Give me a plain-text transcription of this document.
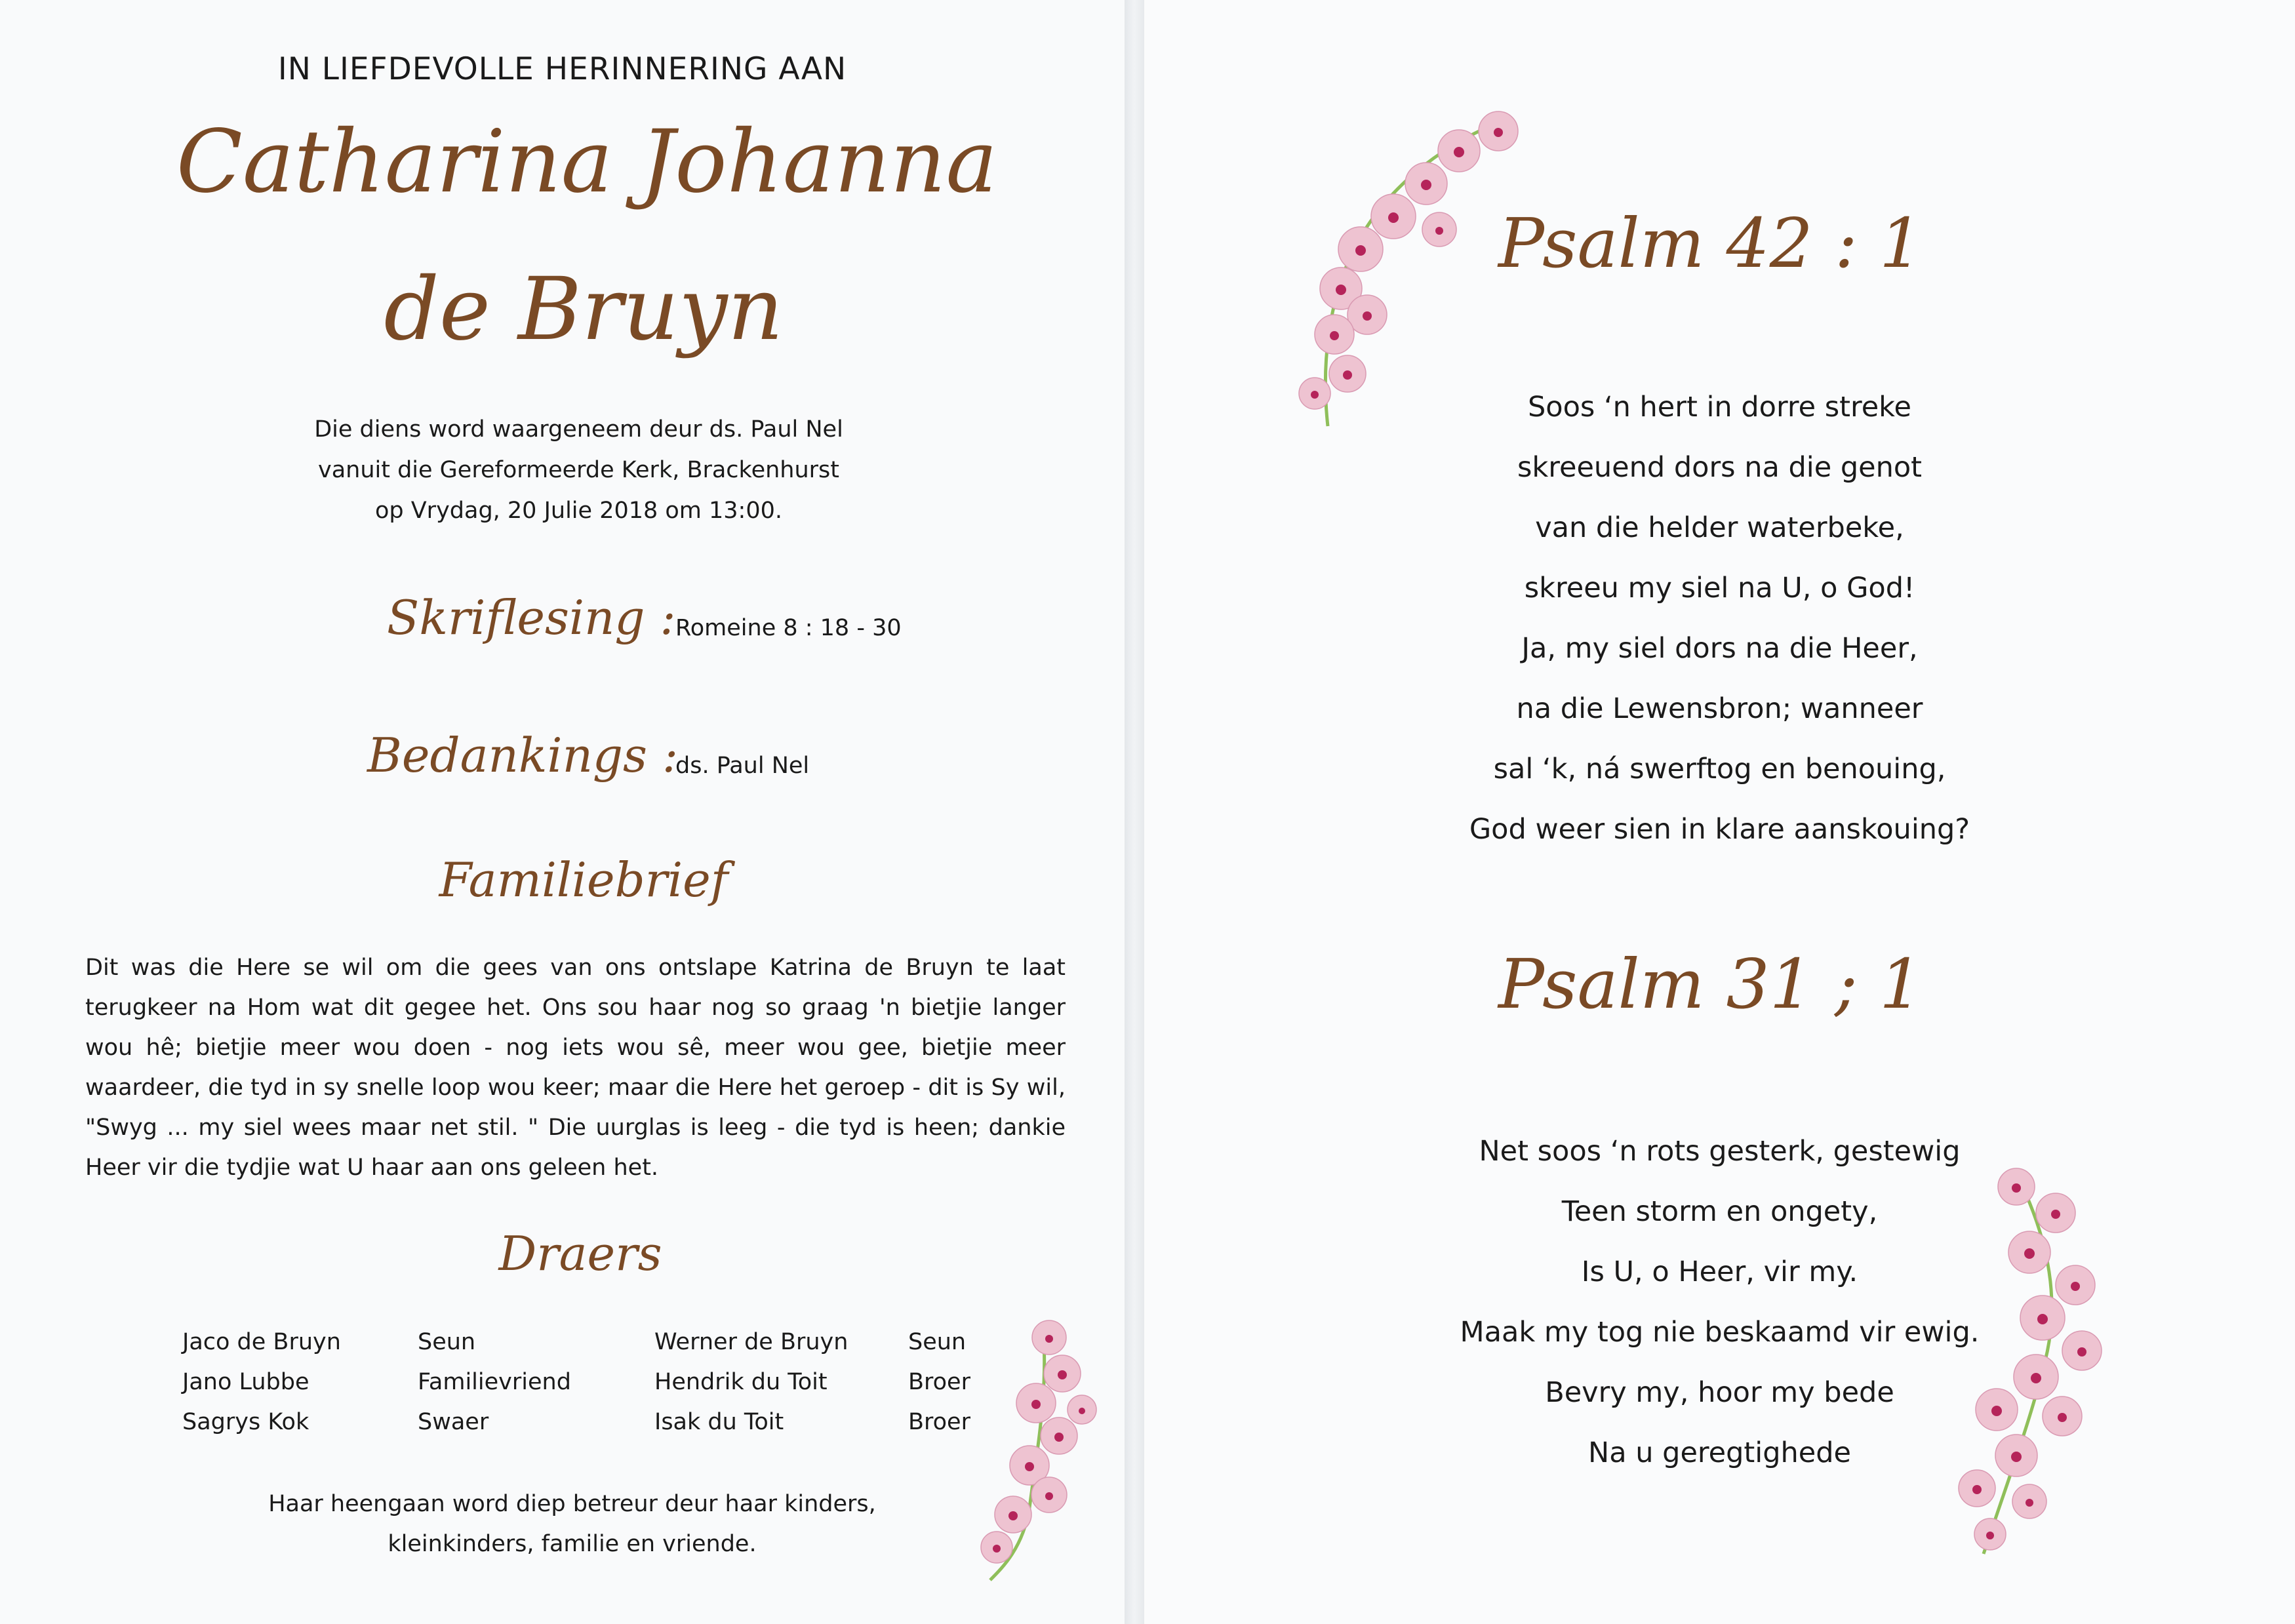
IN LIEFDEVOLLE HERINNERING AAN
Catharina Johanna
de Bruyn
Die diens word waargeneem deur ds. Paul Nel
vanuit die Gereformeerde Kerk, Brackenhurst
op Vrydag, 20 Julie 2018 om 13:00.
Skriflesing : Romeine 8 : 18 - 30
Bedankings :
ds. Paul Nel
Familiebrief
Dit was die Here se wil om die gees van ons ontslape Katrina de Bruyn te laat terugkeer na Hom wat dit gegee het. Ons sou haar nog so graag 'n bietjie langer wou hê; bietjie meer wou doen - nog iets wou sê, meer wou gee, bietjie meer waardeer, die tyd in sy snelle loop wou keer; maar die Here het geroep - dit is Sy wil, "Swyg ... my siel wees maar net stil. " Die uurglas is leeg - die tyd is heen; dankie Heer vir die tydjie wat U haar aan ons geleen het.
Draers
Jaco de Bruyn	Seun	Werner de Bruyn	Seun
Jano Lubbe	Familievriend	Hendrik du Toit	Broer
Sagrys Kok	Swaer	Isak du Toit	Broer
Haar heengaan word diep betreur deur haar kinders,
kleinkinders, familie en vriende.
Psalm 42 : 1
Soos ‘n hert in dorre streke
skreeuend dors na die genot
van die helder waterbeke,
skreeu my siel na U, o God!
Ja, my siel dors na die Heer,
na die Lewensbron; wanneer
sal ‘k, ná swerftog en benouing,
God weer sien in klare aanskouing?
Psalm 31 ; 1
Net soos ‘n rots gesterk, gestewig
Teen storm en ongety,
Is U, o Heer, vir my.
Maak my tog nie beskaamd vir ewig.
Bevry my, hoor my bede
Na u geregtighede
